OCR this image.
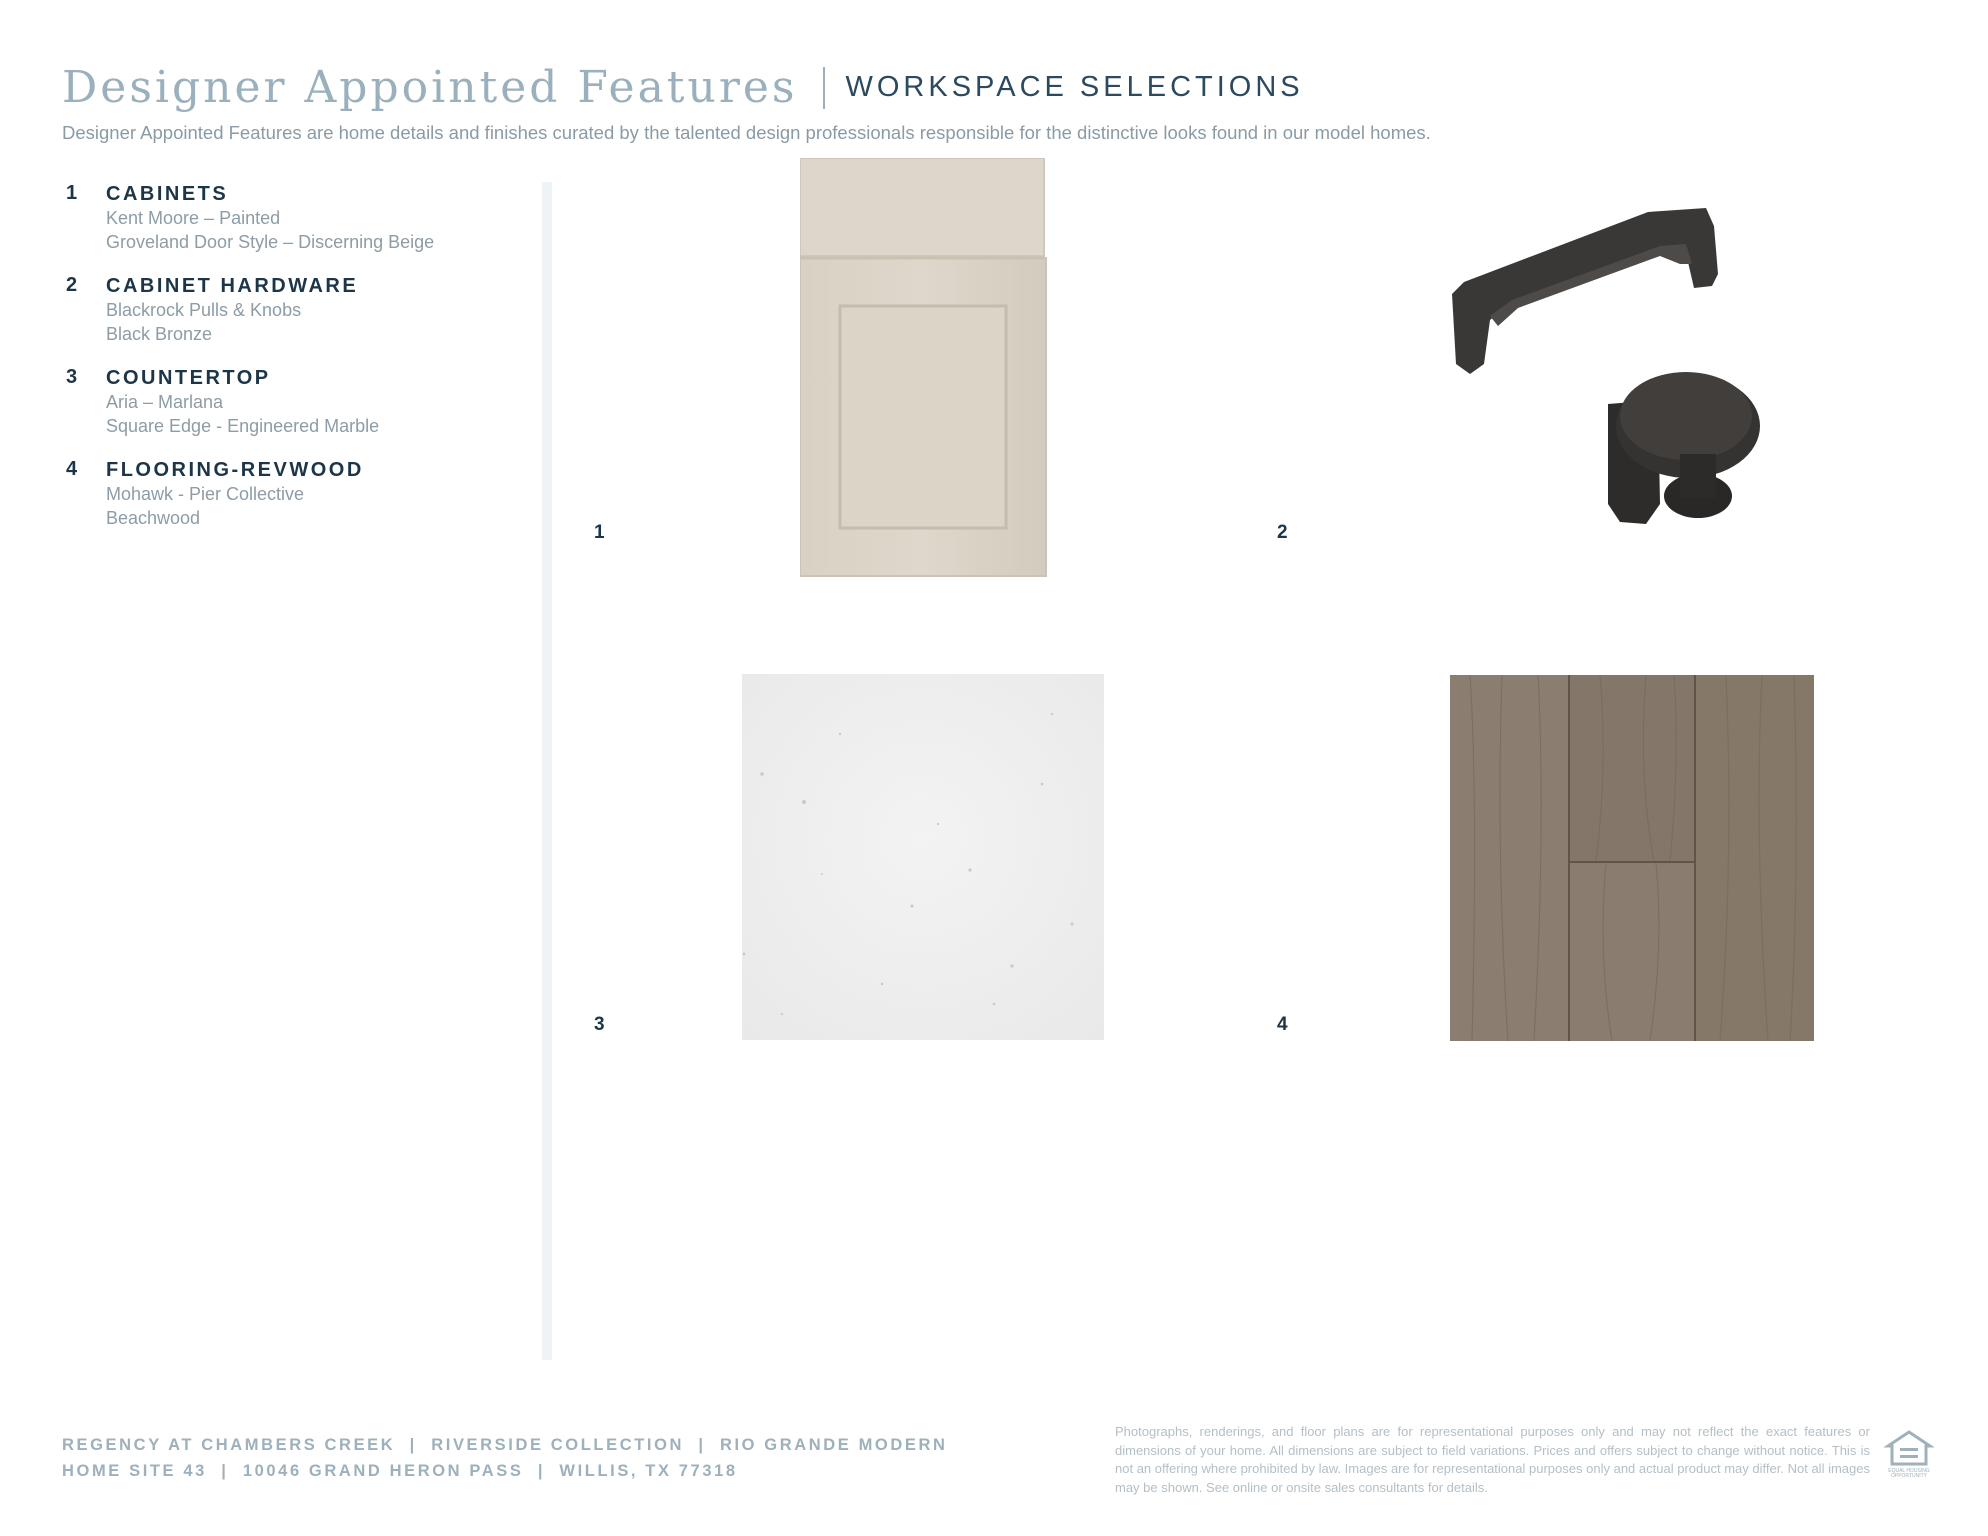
Designer Appointed Features WORKSPACE SELECTIONS
Designer Appointed Features are home details and finishes curated by the talented design professionals responsible for the distinctive looks found in our model homes.
1 CABINETS
Kent Moore – Painted
Groveland Door Style – Discerning Beige
2 CABINET HARDWARE
Blackrock Pulls & Knobs
Black Bronze
3 COUNTERTOP
Aria – Marlana
Square Edge - Engineered Marble
4 FLOORING-REVWOOD
Mohawk - Pier Collective
Beachwood
1	2
3	4
REGENCY AT CHAMBERS CREEK  |  RIVERSIDE COLLECTION  |  RIO GRANDE MODERN
HOME SITE 43  |  10046 GRAND HERON PASS  |  WILLIS, TX 77318
Photographs, renderings, and floor plans are for representational purposes only and may not reflect the exact features or dimensions of your home. All dimensions are subject to field variations. Prices and offers subject to change without notice. This is not an offering where prohibited by law. Images are for representational purposes only and actual product may differ. Not all images may be shown. See online or onsite sales consultants for details.
EQUAL HOUSING
OPPORTUNITY
